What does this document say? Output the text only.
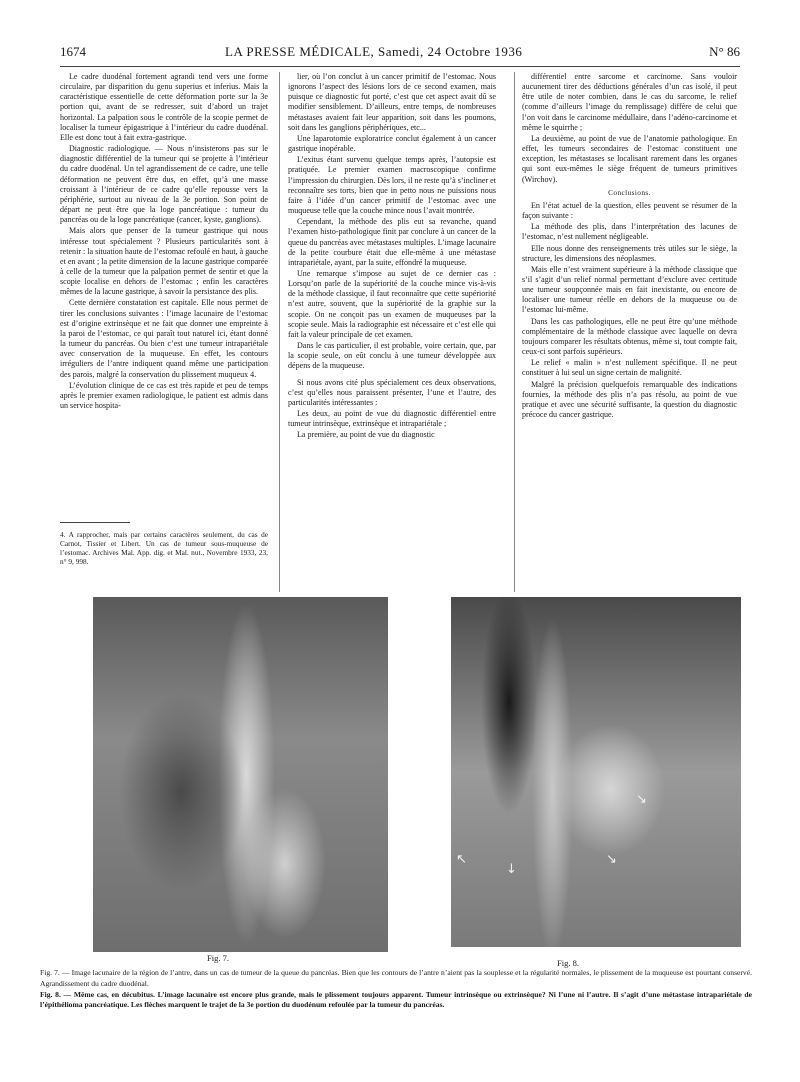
1674	LA PRESSE MÉDICALE, Samedi, 24 Octobre 1936	N° 86

Le cadre duodénal fortement agrandi tend vers une forme circulaire, par disparition du genu superius et inferius. Mais la caractéristique essentielle de cette déformation porte sur la 3e portion qui, avant de se redresser, suit d’abord un trajet horizontal. La palpation sous le contrôle de la scopie permet de localiser la tumeur épigastrique à l’intérieur du cadre duodénal. Elle est donc tout à fait extra-gastrique.

Diagnostic radiologique. — Nous n’insisterons pas sur le diagnostic différentiel de la tumeur qui se projette à l’intérieur du cadre duodénal. Un tel agrandissement de ce cadre, une telle déformation ne peuvent être dus, en effet, qu’à une masse croissant à l’intérieur de ce cadre qu’elle repousse vers la périphérie, surtout au niveau de la 3e portion. Son point de départ ne peut être que la loge pancréatique : tumeur du pancréas ou de la loge pancréatique (cancer, kyste, ganglions).

Mais alors que penser de la tumeur gastrique qui nous intéresse tout spécialement ? Plusieurs particularités sont à retenir : la situation haute de l’estomac refoulé en haut, à gauche et en avant ; la petite dimension de la lacune gastrique comparée à celle de la tumeur que la palpation permet de sentir et que la scopie localise en dehors de l’estomac ; enfin les caractères mêmes de la lacune gastrique, à savoir la persistance des plis.

Cette dernière constatation est capitale. Elle nous permet de tirer les conclusions suivantes : l’image lacunaire de l’estomac est d’origine extrinsèque et ne fait que donner une empreinte à la paroi de l’estomac, ce qui paraît tout naturel ici, étant donné la tumeur du pancréas. Ou bien c’est une tumeur intrapariétale avec conservation de la muqueuse. En effet, les contours irréguliers de l’antre indiquent quand même une participation des parois, malgré la conservation du plissement muqueux 4.

L’évolution clinique de ce cas est très rapide et peu de temps après le premier examen radiologique, le patient est admis dans un service hospita-

4. A rapprocher, mais par certains caractères seulement, du cas de Carnot, Tissier et Libert. Un cas de tumeur sous-muqueuse de l’estomac. Archives Mal. App. dig. et Mal. nut., Novembre 1933, 23, n° 9, 998.

lier, où l’on conclut à un cancer primitif de l’estomac. Nous ignorons l’aspect des lésions lors de ce second examen, mais puisque ce diagnostic fut porté, c’est que cet aspect avait dû se modifier sensiblement. D’ailleurs, entre temps, de nombreuses métastases avaient fait leur apparition, soit dans les poumons, soit dans les ganglions périphériques, etc...

Une laparotomie exploratrice conclut également à un cancer gastrique inopérable.

L’exitus étant survenu quelque temps après, l’autopsie est pratiquée. Le premier examen macroscopique confirme l’impression du chirurgien. Dès lors, il ne reste qu’à s’incliner et reconnaître ses torts, bien que in petto nous ne puissions nous faire à l’idée d’un cancer primitif de l’estomac avec une muqueuse telle que la couche mince nous l’avait montrée.

Cependant, la méthode des plis eut sa revanche, quand l’examen histo-pathologique finit par conclure à un cancer de la queue du pancréas avec métastases multiples. L’image lacunaire de la petite courbure était due elle-même à une métastase intrapariétale, ayant, par la suite, effondré la muqueuse.

Une remarque s’impose au sujet de ce dernier cas : Lorsqu’on parle de la supériorité de la couche mince vis-à-vis de la méthode classique, il faut reconnaître que cette supériorité n’est autre, souvent, que la supériorité de la graphie sur la scopie. On ne conçoit pas un examen de muqueuses par la scopie seule. Mais la radiographie est nécessaire et c’est elle qui fait la valeur principale de cet examen.

Dans le cas particulier, il est probable, voire certain, que, par la scopie seule, on eût conclu à une tumeur développée aux dépens de la muqueuse.

Si nous avons cité plus spécialement ces deux observations, c’est qu’elles nous paraissent présenter, l’une et l’autre, des particularités intéressantes :

Les deux, au point de vue du diagnostic différentiel entre tumeur intrinsèque, extrinsèque et intrapariétale ;

La première, au point de vue du diagnostic

différentiel entre sarcome et carcinome. Sans vouloir aucunement tirer des déductions générales d’un cas isolé, il peut être utile de noter combien, dans le cas du sarcome, le relief (comme d’ailleurs l’image du remplissage) diffère de celui que l’on voit dans le carcinome médullaire, dans l’adéno-carcinome et même le squirrhe ;

La deuxième, au point de vue de l’anatomie pathologique. En effet, les tumeurs secondaires de l’estomac constituent une exception, les métastases se localisant rarement dans les organes qui sont eux-mêmes le siège fréquent de tumeurs primitives (Wirchov).

Conclusions.

En l’état actuel de la question, elles peuvent se résumer de la façon suivante :

La méthode des plis, dans l’interprétation des lacunes de l’estomac, n’est nullement négligeable.

Elle nous donne des renseignements très utiles sur le siège, la structure, les dimensions des néoplasmes.

Mais elle n’est vraiment supérieure à la méthode classique que s’il s’agit d’un relief normal permettant d’exclure avec certitude une tumeur soupçonnée mais en fait inexistante, ou encore de localiser une tumeur réelle en dehors de la muqueuse ou de l’estomac lui-même.

Dans les cas pathologiques, elle ne peut être qu’une méthode complémentaire de la méthode classique avec laquelle on devra toujours comparer les résultats obtenus, même si, tout compte fait, ceux-ci sont parfois supérieurs.

Le relief « malin » n’est nullement spécifique. Il ne peut constituer à lui seul un signe certain de malignité.

Malgré la précision quelquefois remarquable des indications fournies, la méthode des plis n’a pas résolu, au point de vue pratique et avec une sécurité suffisante, la question du diagnostic précoce du cancer gastrique.

↘
↘
↓
↖
Fig. 7.	Fig. 8.

Fig. 7. — Image lacunaire de la région de l’antre, dans un cas de tumeur de la queue du pancréas. Bien que les contours de l’antre n’aient pas la souplesse et la régularité normales, le plissement de la muqueuse est pourtant conservé. Agrandissement du cadre duodénal.

Fig. 8. — Même cas, en décubitus. L’image lacunaire est encore plus grande, mais le plissement toujours apparent. Tumeur intrinsèque ou extrinsèque? Ni l’une ni l’autre. Il s’agit d’une métastase intrapariétale de l’épithélioma pancréatique. Les flèches marquent le trajet de la 3e portion du duodénum refoulée par la tumeur du pancréas.
